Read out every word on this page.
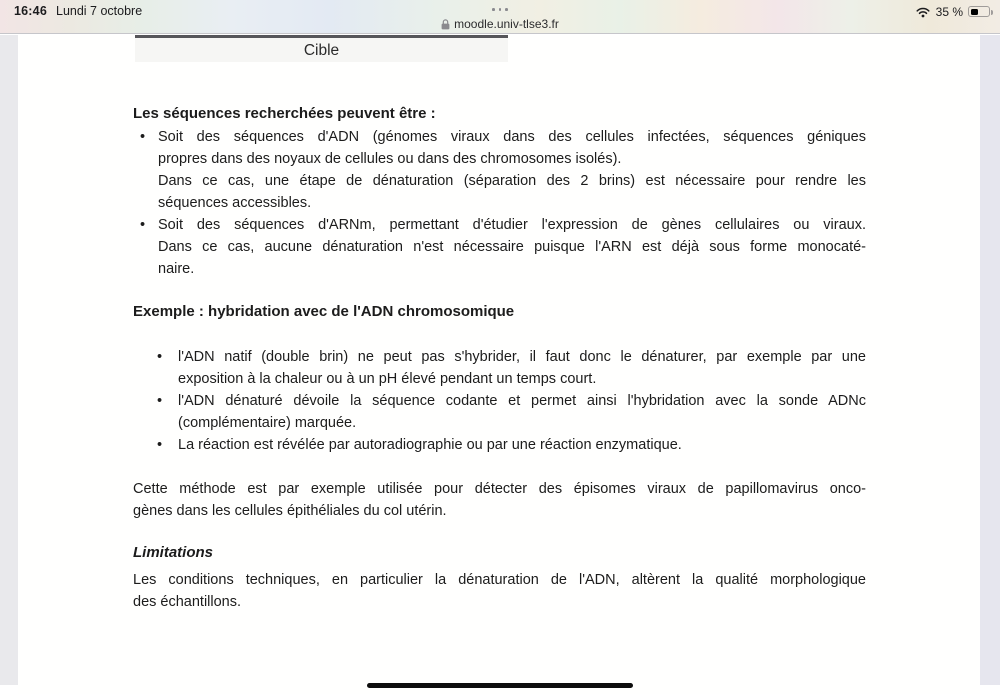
16:46 Lundi 7 octobre
moodle.univ-tlse3.fr
35 %
Cible
Les séquences recherchées peuvent être :
• Soit des séquences d'ADN (génomes viraux dans des cellules infectées, séquences géniques
propres dans des noyaux de cellules ou dans des chromosomes isolés).
Dans ce cas, une étape de dénaturation (séparation des 2 brins) est nécessaire pour rendre les
séquences accessibles.
• Soit des séquences d'ARNm, permettant d'étudier l'expression de gènes cellulaires ou viraux.
Dans ce cas, aucune dénaturation n'est nécessaire puisque l'ARN est déjà sous forme monocaté-
naire.
Exemple : hybridation avec de l'ADN chromosomique
•	l'ADN natif (double brin) ne peut pas s'hybrider, il faut donc le dénaturer, par exemple par une
exposition à la chaleur ou à un pH élevé pendant un temps court.
•	l'ADN dénaturé dévoile la séquence codante et permet ainsi l'hybridation avec la sonde ADNc
(complémentaire) marquée.
•	La réaction est révélée par autoradiographie ou par une réaction enzymatique.
Cette méthode est par exemple utilisée pour détecter des épisomes viraux de papillomavirus onco-
gènes dans les cellules épithéliales du col utérin.
Limitations
Les conditions techniques, en particulier la dénaturation de l'ADN, altèrent la qualité morphologique
des échantillons.
